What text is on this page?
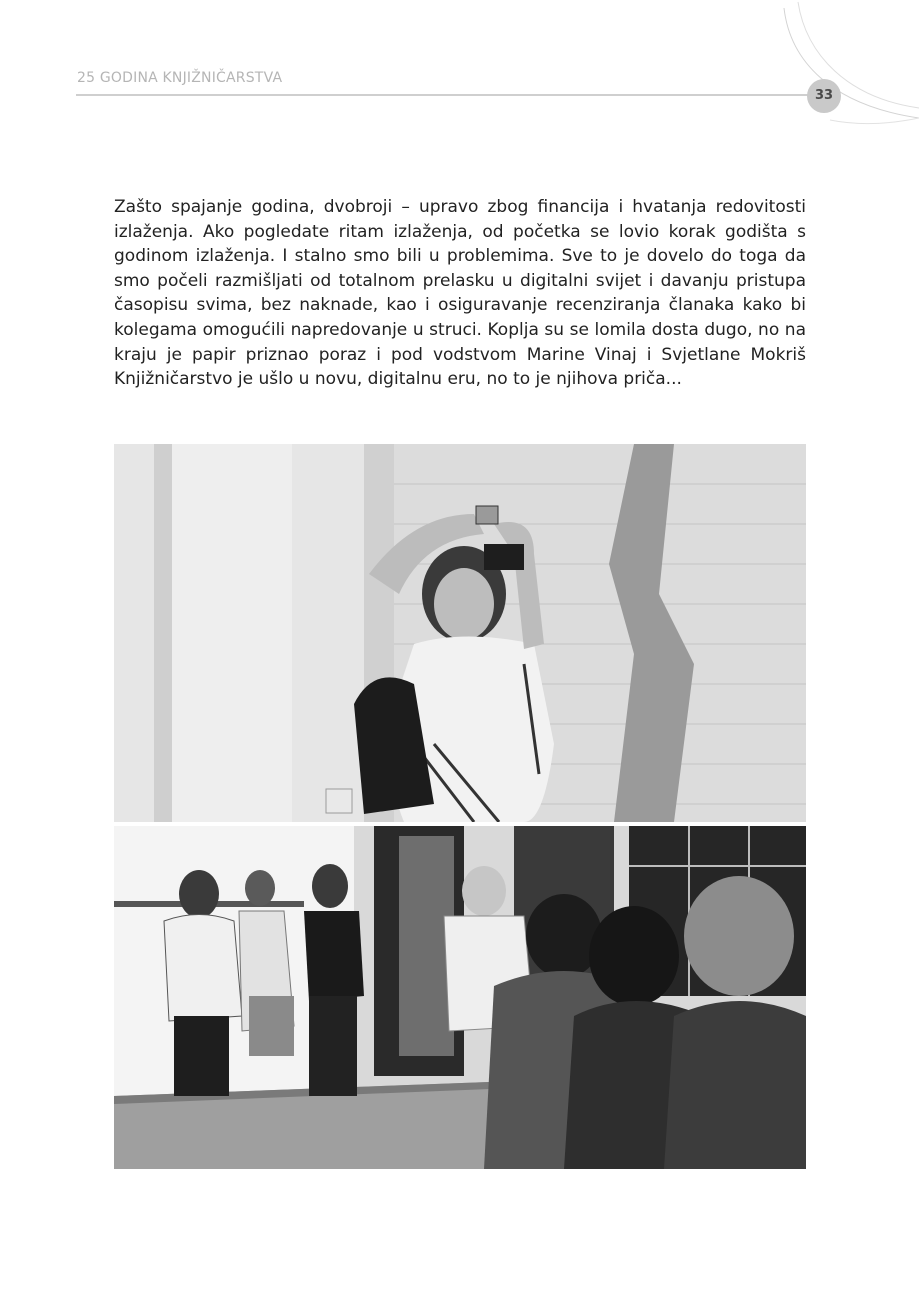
25 GODINA KNJIŽNIČARSTVA
33

Zašto spajanje godina, dvobroji – upravo zbog financija i hvatanja redovitosti izlaženja. Ako pogledate ritam izlaženja, od početka se lovio korak godišta s godinom izlaženja. I stalno smo bili u problemima. Sve to je dovelo do toga da smo počeli razmišljati od totalnom prelasku u digitalni svijet i davanju pristupa časopisu svima, bez naknade, kao i osiguravanje recenziranja članaka kako bi kolegama omogućili napredovanje u struci. Koplja su se lomila dosta dugo, no na kraju je papir priznao poraz i pod vodstvom Marine Vinaj i Svjetlane Mokriš Knjižničarstvo je ušlo u novu, digitalnu eru, no to je njihova priča...
